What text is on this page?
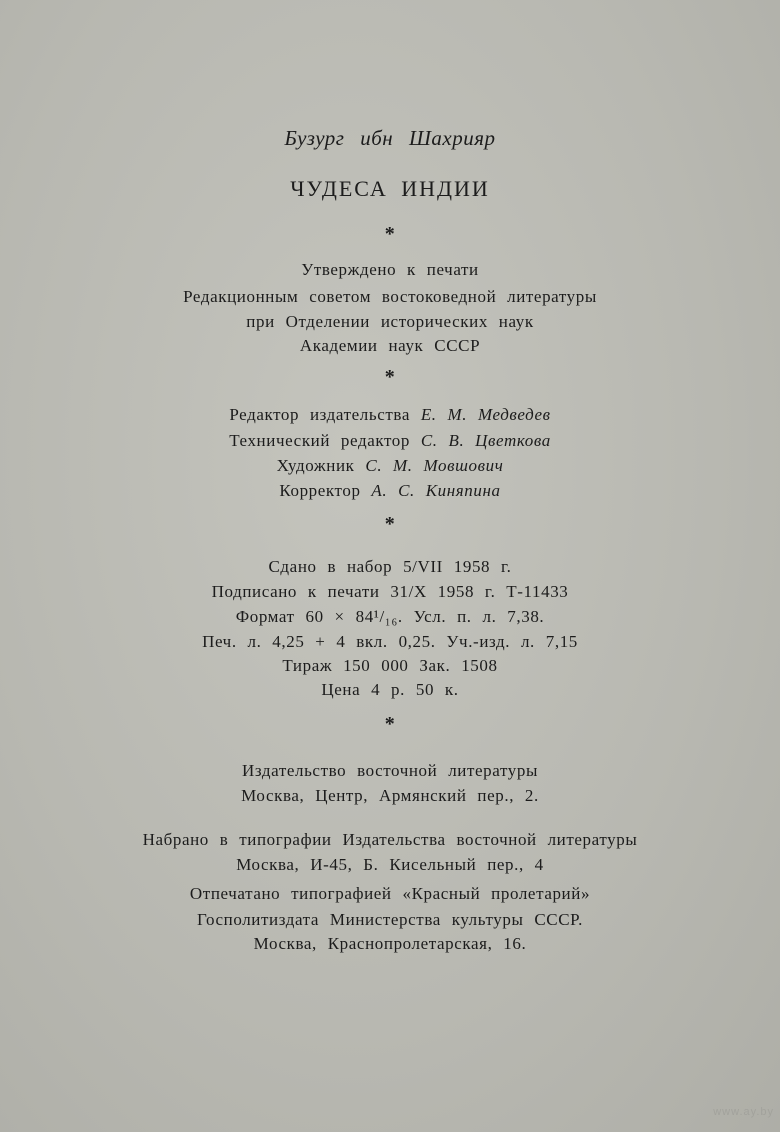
Бузург ибн Шахрияр
ЧУДЕСА ИНДИИ
*
Утверждено к печати
Редакционным советом востоковедной литературы
при Отделении исторических наук
Академии наук СССР
*
Редактор издательства Е. М. Медведев
Технический редактор С. В. Цветкова
Художник С. М. Мовшович
Корректор А. С. Киняпина
*
Сдано в набор 5/VII 1958 г.
Подписано к печати 31/X 1958 г. Т-11433
Формат 60 × 84¹/₁₆. Усл. п. л. 7,38.
Печ. л. 4,25 + 4 вкл. 0,25. Уч.-изд. л. 7,15
Тираж 150 000 Зак. 1508
Цена 4 р. 50 к.
*
Издательство восточной литературы
Москва, Центр, Армянский пер., 2.
Набрано в типографии Издательства восточной литературы
Москва, И-45, Б. Кисельный пер., 4
Отпечатано типографией «Красный пролетарий»
Госполитиздата Министерства культуры СССР.
Москва, Краснопролетарская, 16.
www.ay.by
